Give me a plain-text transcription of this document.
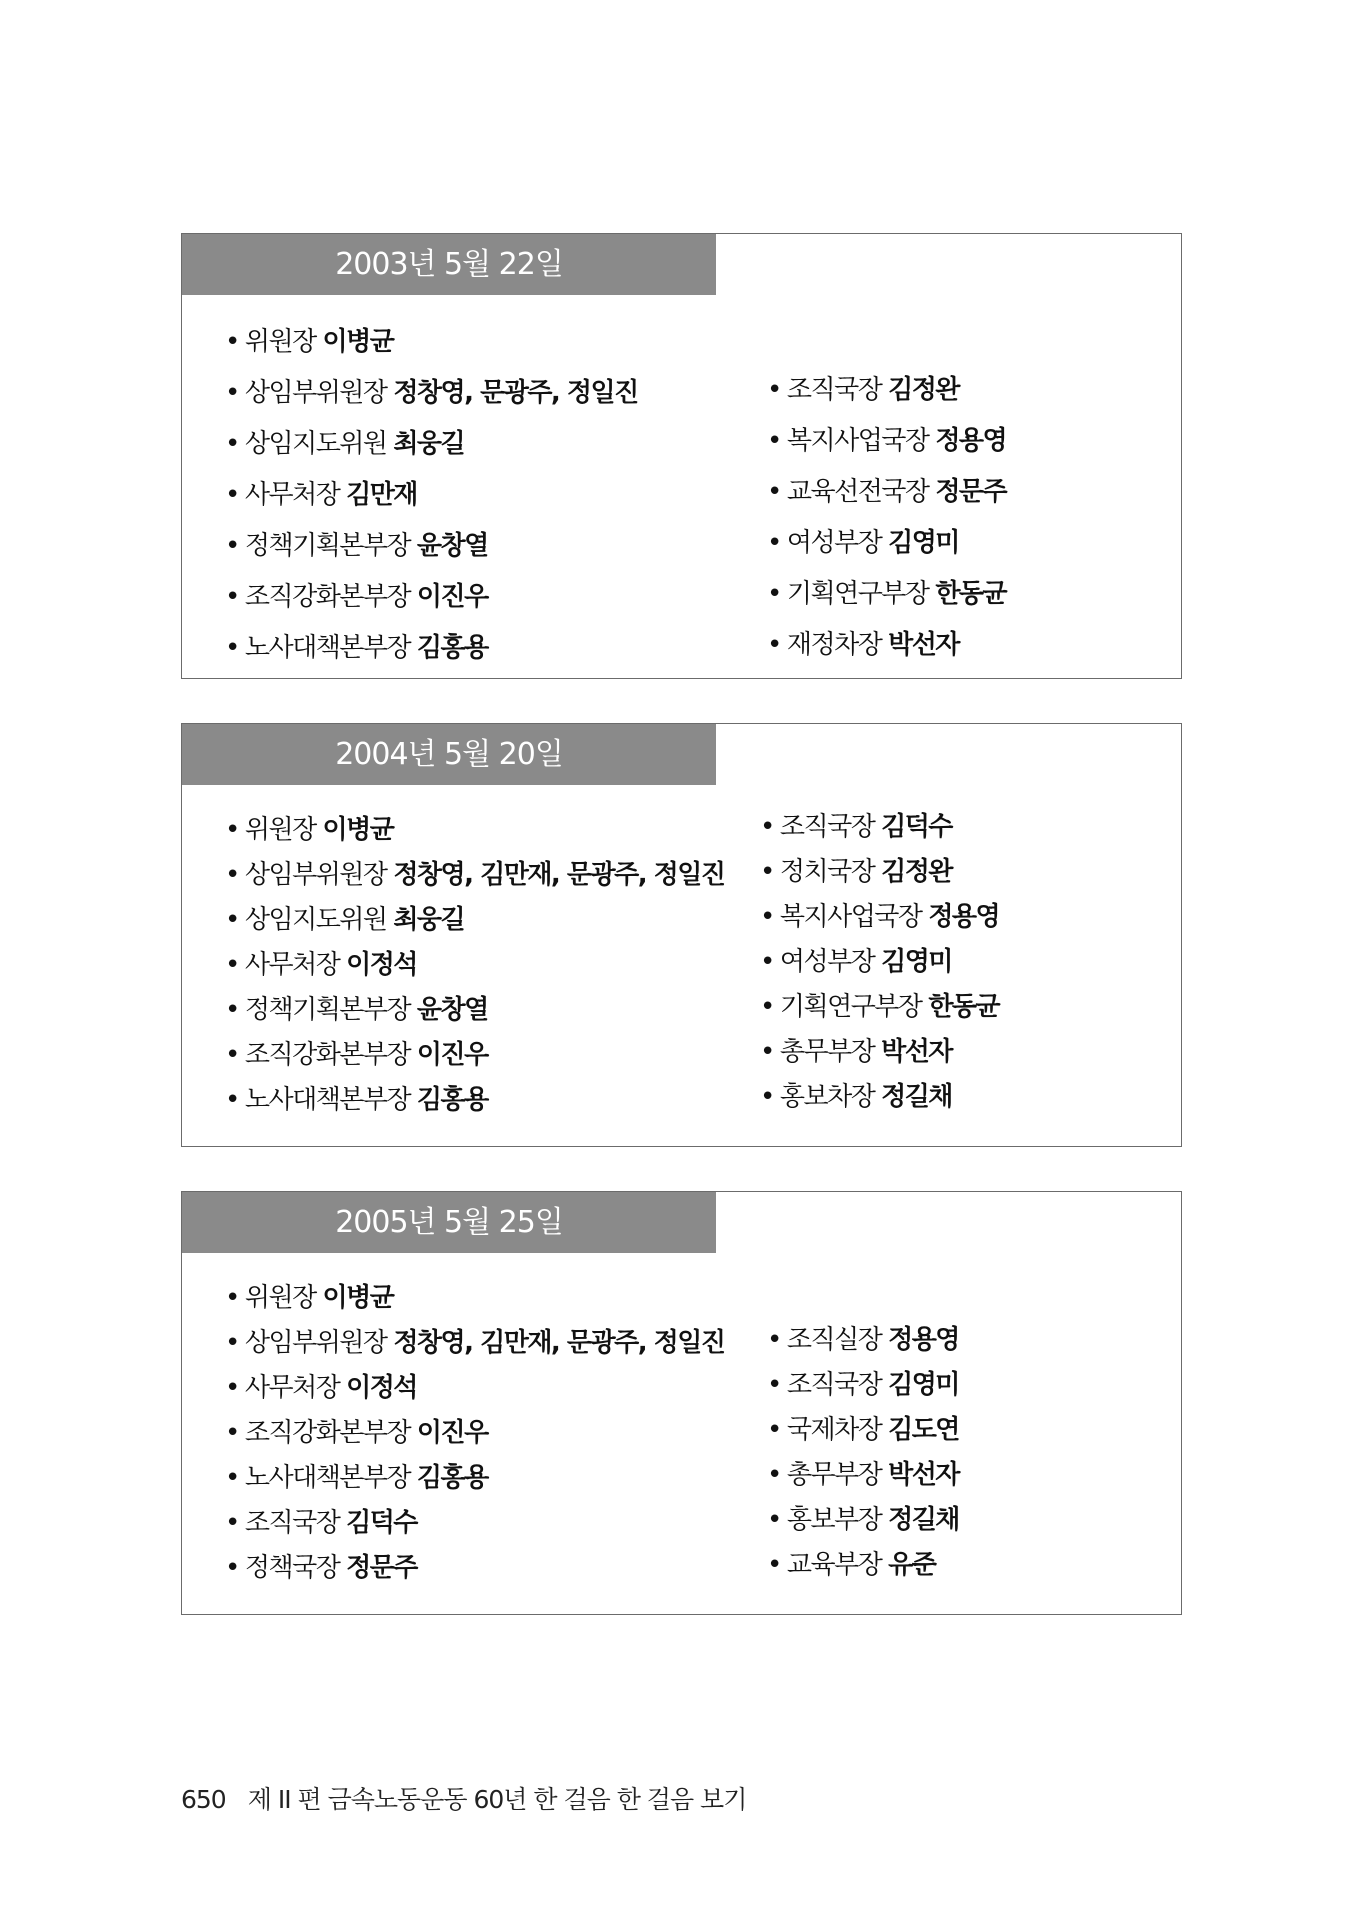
2003년 5월 22일
• 위원장 이병균
• 상임부위원장 정창영, 문광주, 정일진
• 상임지도위원 최웅길
• 사무처장 김만재
• 정책기획본부장 윤창열
• 조직강화본부장 이진우
• 노사대책본부장 김홍용
• 조직국장 김정완
• 복지사업국장 정용영
• 교육선전국장 정문주
• 여성부장 김영미
• 기획연구부장 한동균
• 재정차장 박선자
2004년 5월 20일
• 위원장 이병균
• 상임부위원장 정창영, 김만재, 문광주, 정일진
• 상임지도위원 최웅길
• 사무처장 이정석
• 정책기획본부장 윤창열
• 조직강화본부장 이진우
• 노사대책본부장 김홍용
• 조직국장 김덕수
• 정치국장 김정완
• 복지사업국장 정용영
• 여성부장 김영미
• 기획연구부장 한동균
• 총무부장 박선자
• 홍보차장 정길채
2005년 5월 25일
• 위원장 이병균
• 상임부위원장 정창영, 김만재, 문광주, 정일진
• 사무처장 이정석
• 조직강화본부장 이진우
• 노사대책본부장 김홍용
• 조직국장 김덕수
• 정책국장 정문주
• 조직실장 정용영
• 조직국장 김영미
• 국제차장 김도연
• 총무부장 박선자
• 홍보부장 정길채
• 교육부장 유준
650 제 II 편 금속노동운동 60년 한 걸음 한 걸음 보기
